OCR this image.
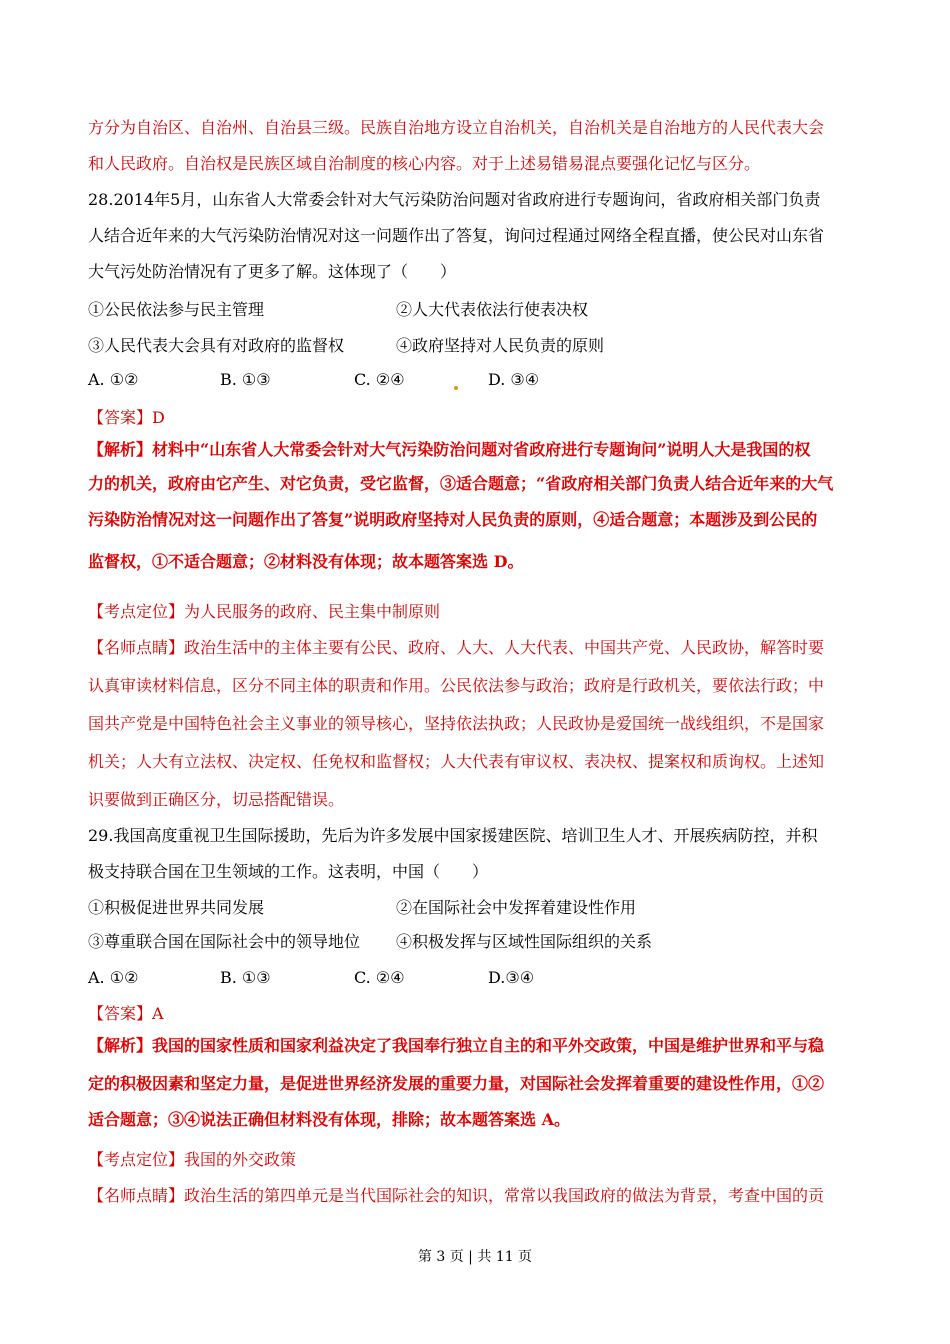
方分为自治区、自治州、自治县三级。民族自治地方设立自治机关，自治机关是自治地方的人民代表大会
和人民政府。自治权是民族区域自治制度的核心内容。对于上述易错易混点要强化记忆与区分。
28.2014年5月，山东省人大常委会针对大气污染防治问题对省政府进行专题询问，省政府相关部门负责
人结合近年来的大气污染防治情况对这一问题作出了答复，询问过程通过网络全程直播，使公民对山东省
大气污处防治情况有了更多了解。这体现了（　　）
①公民依法参与民主管理	②人大代表依法行使表决权
③人民代表大会具有对政府的监督权	④政府坚持对人民负责的原则
A. ①②	B. ①③	C. ②④	D. ③④
【答案】D
【解析】材料中“山东省人大常委会针对大气污染防治问题对省政府进行专题询问”说明人大是我国的权
力的机关，政府由它产生、对它负责，受它监督，③适合题意；“省政府相关部门负责人结合近年来的大气
污染防治情况对这一问题作出了答复”说明政府坚持对人民负责的原则，④适合题意；本题涉及到公民的
监督权，①不适合题意；②材料没有体现；故本题答案选 D。
【考点定位】为人民服务的政府、民主集中制原则
【名师点睛】政治生活中的主体主要有公民、政府、人大、人大代表、中国共产党、人民政协，解答时要
认真审读材料信息，区分不同主体的职责和作用。公民依法参与政治；政府是行政机关，要依法行政；中
国共产党是中国特色社会主义事业的领导核心，坚持依法执政；人民政协是爱国统一战线组织，不是国家
机关；人大有立法权、决定权、任免权和监督权；人大代表有审议权、表决权、提案权和质询权。上述知
识要做到正确区分，切忌搭配错误。
29.我国高度重视卫生国际援助，先后为许多发展中国家援建医院、培训卫生人才、开展疾病防控，并积
极支持联合国在卫生领域的工作。这表明，中国（　　）
①积极促进世界共同发展	②在国际社会中发挥着建设性作用
③尊重联合国在国际社会中的领导地位 ④积极发挥与区域性国际组织的关系
A. ①②	B. ①③	C. ②④	D.③④
【答案】A
【解析】我国的国家性质和国家利益决定了我国奉行独立自主的和平外交政策，中国是维护世界和平与稳
定的积极因素和坚定力量，是促进世界经济发展的重要力量，对国际社会发挥着重要的建设性作用，①②
适合题意；③④说法正确但材料没有体现，排除；故本题答案选 A。
【考点定位】我国的外交政策
【名师点睛】政治生活的第四单元是当代国际社会的知识，常常以我国政府的做法为背景，考查中国的贡
第 3 页 | 共 11 页
